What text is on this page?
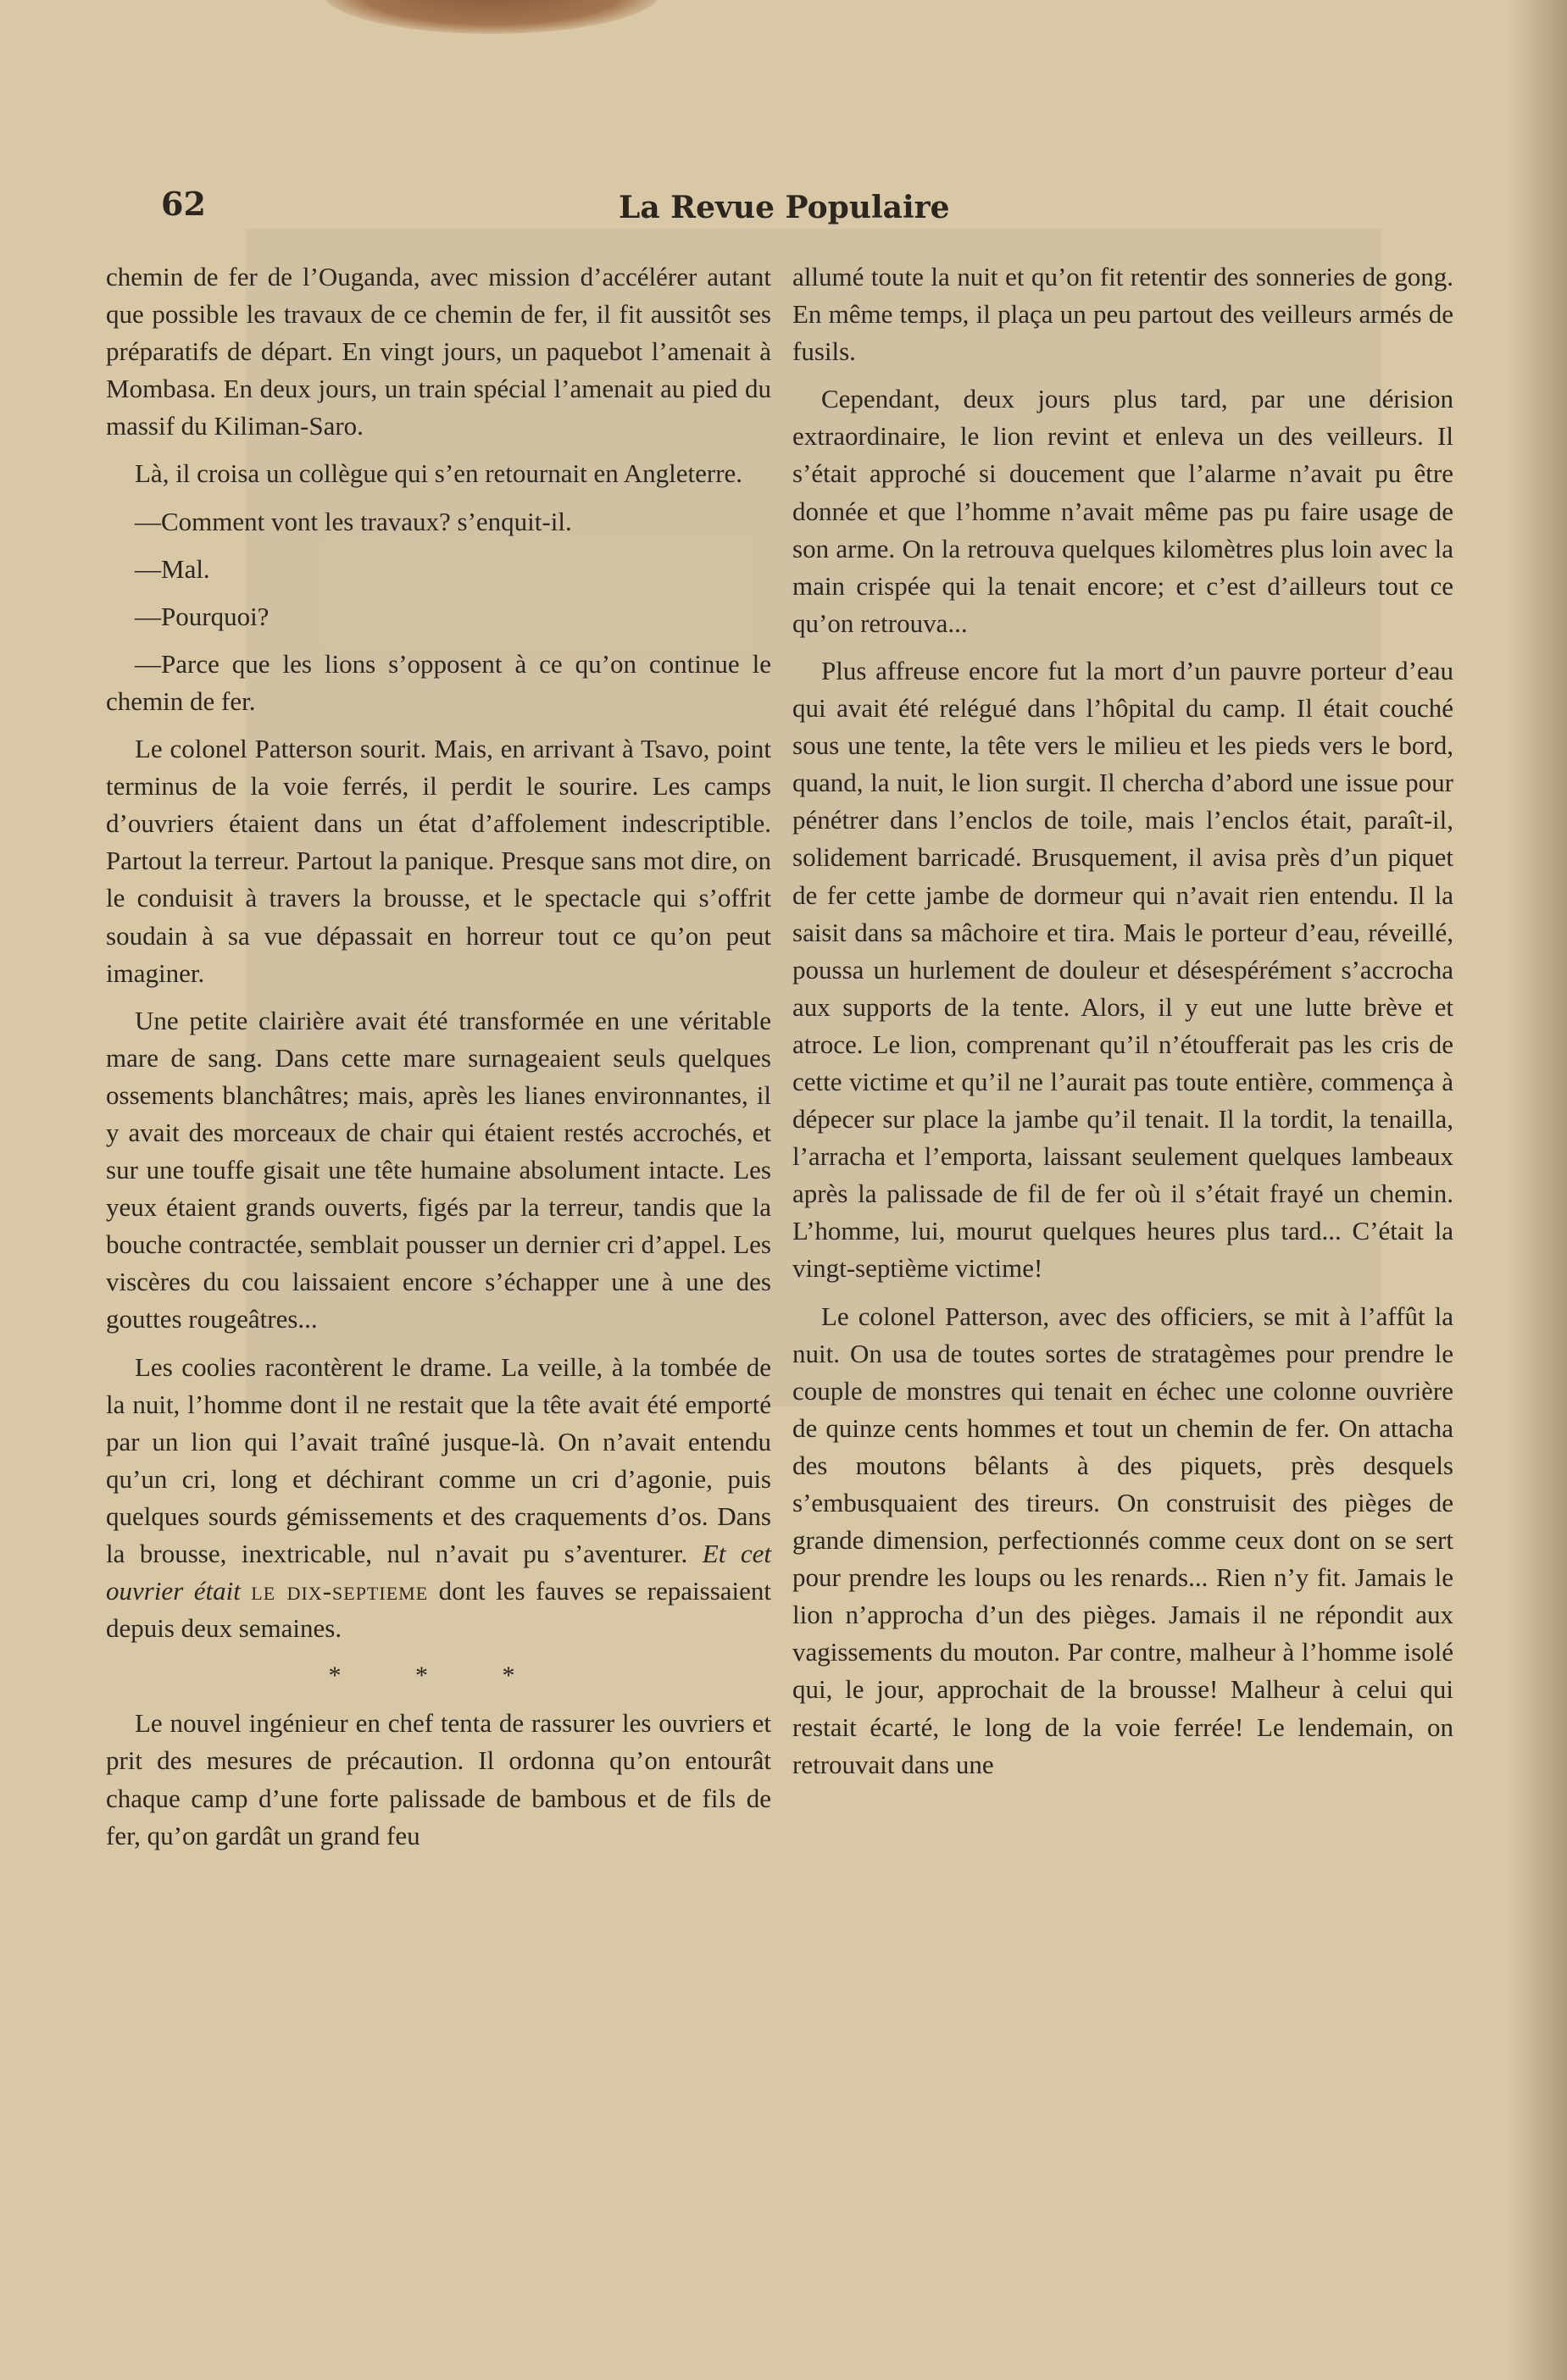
62	La Revue Populaire

chemin de fer de l’Ouganda, avec mission d’accélérer autant que possible les travaux de ce chemin de fer, il fit aussitôt ses préparatifs de départ. En vingt jours, un paquebot l’amenait à Mombasa. En deux jours, un train spécial l’amenait au pied du massif du Kiliman-Saro.

Là, il croisa un collègue qui s’en retournait en Angleterre.

—Comment vont les travaux? s’enquit-il.

—Mal.

—Pourquoi?

—Parce que les lions s’opposent à ce qu’on continue le chemin de fer.

Le colonel Patterson sourit. Mais, en arrivant à Tsavo, point terminus de la voie ferrés, il perdit le sourire. Les camps d’ouvriers étaient dans un état d’affolement indescriptible. Partout la terreur. Partout la panique. Presque sans mot dire, on le conduisit à travers la brousse, et le spectacle qui s’offrit soudain à sa vue dépassait en horreur tout ce qu’on peut imaginer.

Une petite clairière avait été transformée en une véritable mare de sang. Dans cette mare surnageaient seuls quelques ossements blanchâtres; mais, après les lianes environnantes, il y avait des morceaux de chair qui étaient restés accrochés, et sur une touffe gisait une tête humaine absolument intacte. Les yeux étaient grands ouverts, figés par la terreur, tandis que la bouche contractée, semblait pousser un dernier cri d’appel. Les viscères du cou laissaient encore s’échapper une à une des gouttes rougeâtres...

Les coolies racontèrent le drame. La veille, à la tombée de la nuit, l’homme dont il ne restait que la tête avait été emporté par un lion qui l’avait traîné jusque-là. On n’avait entendu qu’un cri, long et déchirant comme un cri d’agonie, puis quelques sourds gémissements et des craquements d’os. Dans la brousse, inextricable, nul n’avait pu s’aventurer. Et cet ouvrier était le dix-septieme dont les fauves se repaissaient depuis deux semaines.

* * *

Le nouvel ingénieur en chef tenta de rassurer les ouvriers et prit des mesures de précaution. Il ordonna qu’on entourât chaque camp d’une forte palissade de bambous et de fils de fer, qu’on gardât un grand feu

allumé toute la nuit et qu’on fit retentir des sonneries de gong. En même temps, il plaça un peu partout des veilleurs armés de fusils.

Cependant, deux jours plus tard, par une dérision extraordinaire, le lion revint et enleva un des veilleurs. Il s’était approché si doucement que l’alarme n’avait pu être donnée et que l’homme n’avait même pas pu faire usage de son arme. On la retrouva quelques kilomètres plus loin avec la main crispée qui la tenait encore; et c’est d’ailleurs tout ce qu’on retrouva...

Plus affreuse encore fut la mort d’un pauvre porteur d’eau qui avait été relégué dans l’hôpital du camp. Il était couché sous une tente, la tête vers le milieu et les pieds vers le bord, quand, la nuit, le lion surgit. Il chercha d’abord une issue pour pénétrer dans l’enclos de toile, mais l’enclos était, paraît-il, solidement barricadé. Brusquement, il avisa près d’un piquet de fer cette jambe de dormeur qui n’avait rien entendu. Il la saisit dans sa mâchoire et tira. Mais le porteur d’eau, réveillé, poussa un hurlement de douleur et désespérément s’accrocha aux supports de la tente. Alors, il y eut une lutte brève et atroce. Le lion, comprenant qu’il n’étoufferait pas les cris de cette victime et qu’il ne l’aurait pas toute entière, commença à dépecer sur place la jambe qu’il tenait. Il la tordit, la tenailla, l’arracha et l’emporta, laissant seulement quelques lambeaux après la palissade de fil de fer où il s’était frayé un chemin. L’homme, lui, mourut quelques heures plus tard... C’était la vingt-septième victime!

Le colonel Patterson, avec des officiers, se mit à l’affût la nuit. On usa de toutes sortes de stratagèmes pour prendre le couple de monstres qui tenait en échec une colonne ouvrière de quinze cents hommes et tout un chemin de fer. On attacha des moutons bêlants à des piquets, près desquels s’embusquaient des tireurs. On construisit des pièges de grande dimension, perfectionnés comme ceux dont on se sert pour prendre les loups ou les renards... Rien n’y fit. Jamais le lion n’approcha d’un des pièges. Jamais il ne répondit aux vagissements du mouton. Par contre, malheur à l’homme isolé qui, le jour, approchait de la brousse! Malheur à celui qui restait écarté, le long de la voie ferrée! Le lendemain, on retrouvait dans une
